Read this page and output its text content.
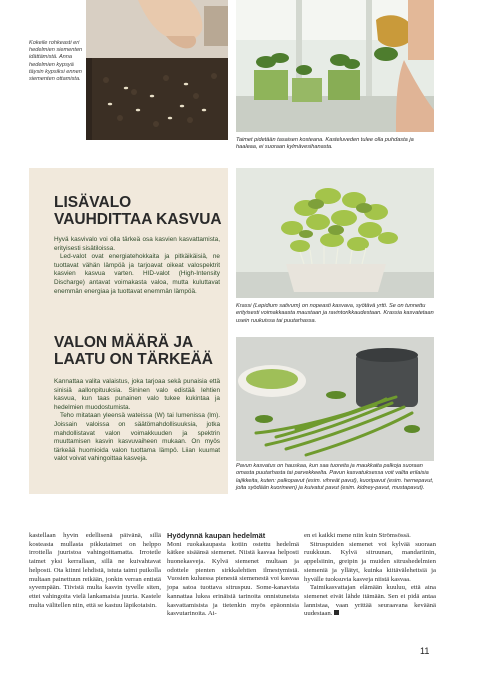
Kokeile rohkeasti eri hedelmien siementen idättämistä. Anna hedelmien kypsyä täysin kypsiksi ennen siementen ottamista.
Taimet pidetään tasaisen kosteana. Kasteluveden tulee olla puhdasta ja haaleaa, ei suoraan kylmävesihanasta.
LISÄVALO VAUHDITTAA KASVUA

Hyvä kasvivalo voi olla tärkeä osa kasvien kasvattamista, erityisesti sisätiloissa.

Led-valot ovat energiatehokkaita ja pitkäikäisiä, ne tuottavat vähän lämpöä ja tarjoavat oikeat valospektrit kasvien kasvua varten. HID-valot (High-Intensity Discharge) antavat voimakasta valoa, mutta kuluttavat enemmän energiaa ja tuottavat enemmän lämpöä.

VALON MÄÄRÄ JA LAATU ON TÄRKEÄÄ

Kannattaa valita valaistus, joka tarjoaa sekä punaisia että sinisiä aallonpituuksia. Sininen valo edistää lehtien kasvua, kun taas punainen valo tukee kukintaa ja hedelmien muodostumista.

Teho mitataan yleensä wateissa (W) tai lumenissa (lm). Joissain valoissa on säätömahdollisuuksia, jotka mahdollistavat valon voimakkuuden ja spektrin muuttamisen kasvin kasvuvaiheen mukaan. On myös tärkeää huomioida valon tuottama lämpö. Liian kuumat valot voivat vahingoittaa kasveja.

Krassi (Lepidium sativum) on nopeasti kasvava, syötävä yrtti. Se on tunnettu erityisesti voimakkaasta maustaan ja ravintorikkaudestaan. Krassia kasvatetaan usein ruukuissa tai puutarhassa.
Pavun kasvatus on hauskaa, kun saa tuoreita ja maukkaita palkoja suoraan omasta puutarhasta tai parvekkeelta. Pavun kasvatuksessa voit valita erilaisia lajikkeita, kuten: palkopavut (esim. vihreät pavut), kuoripavut (esim. hernepavut, joita syödään kuorineen) ja kuivatut pavut (esim. kidney-pavut, mustapavut).

kastellaan hyvin edellisenä päivänä, sillä kosteasta mullasta pikkutaimet on helppo irrottella juuristoa vahingoittamatta. Irrotetle taimet yksi kerrallaan, sillä ne kuivahtavat helposti. Ota kiinni lehdistä, istuta taimi puikolla multaan painettuun reikään, jonkin verran entistä syvempään. Tiivistä multa kasvin tyvelle siten, ettei vahingoita vielä lankamaisia juuria. Kastele multa välitellen niin, että se kastuu läpikotaisin.

Hyödynnä kaupan hedelmät

Moni ruokakaupasta kotiin ostettu hedelmä kätkee sisäänsä siemenet. Niistä kasvaa helposti huonekasveja. Kylvä siemenet multaan ja odottele pienten sirkkalehtien ilmestymistä. Vuosien kuluessa pienestä siemenestä voi kasvaa jopa satoa tuottava sitruspuu. Some-kanavista kannattaa lukea erinäisiä tarinoita onnistuneista kasvattamisista ja tietenkin myös epäonnisia kasvutarinoita. Ai-

en ei kaikki mene niin kuin Strömsössä.

Sitruspuiden siemenet voi kylvää suoraan ruukkuun. Kylvä sitruunan, mandariinin, appelsiinin, greipin ja muiden sitrushedelmien siemeniä ja yllätyt, kuinka kiitäväleheitsiä ja hyvälle tuoksuvia kasveja niistä kasvaa.

Taimikasvattajan elämään kuuluu, että aina siemenet eivät lähde itämään. Sen ei pidä antaa lannistaa, vaan yrittää seuraavana keväänä uudestaan.

11
